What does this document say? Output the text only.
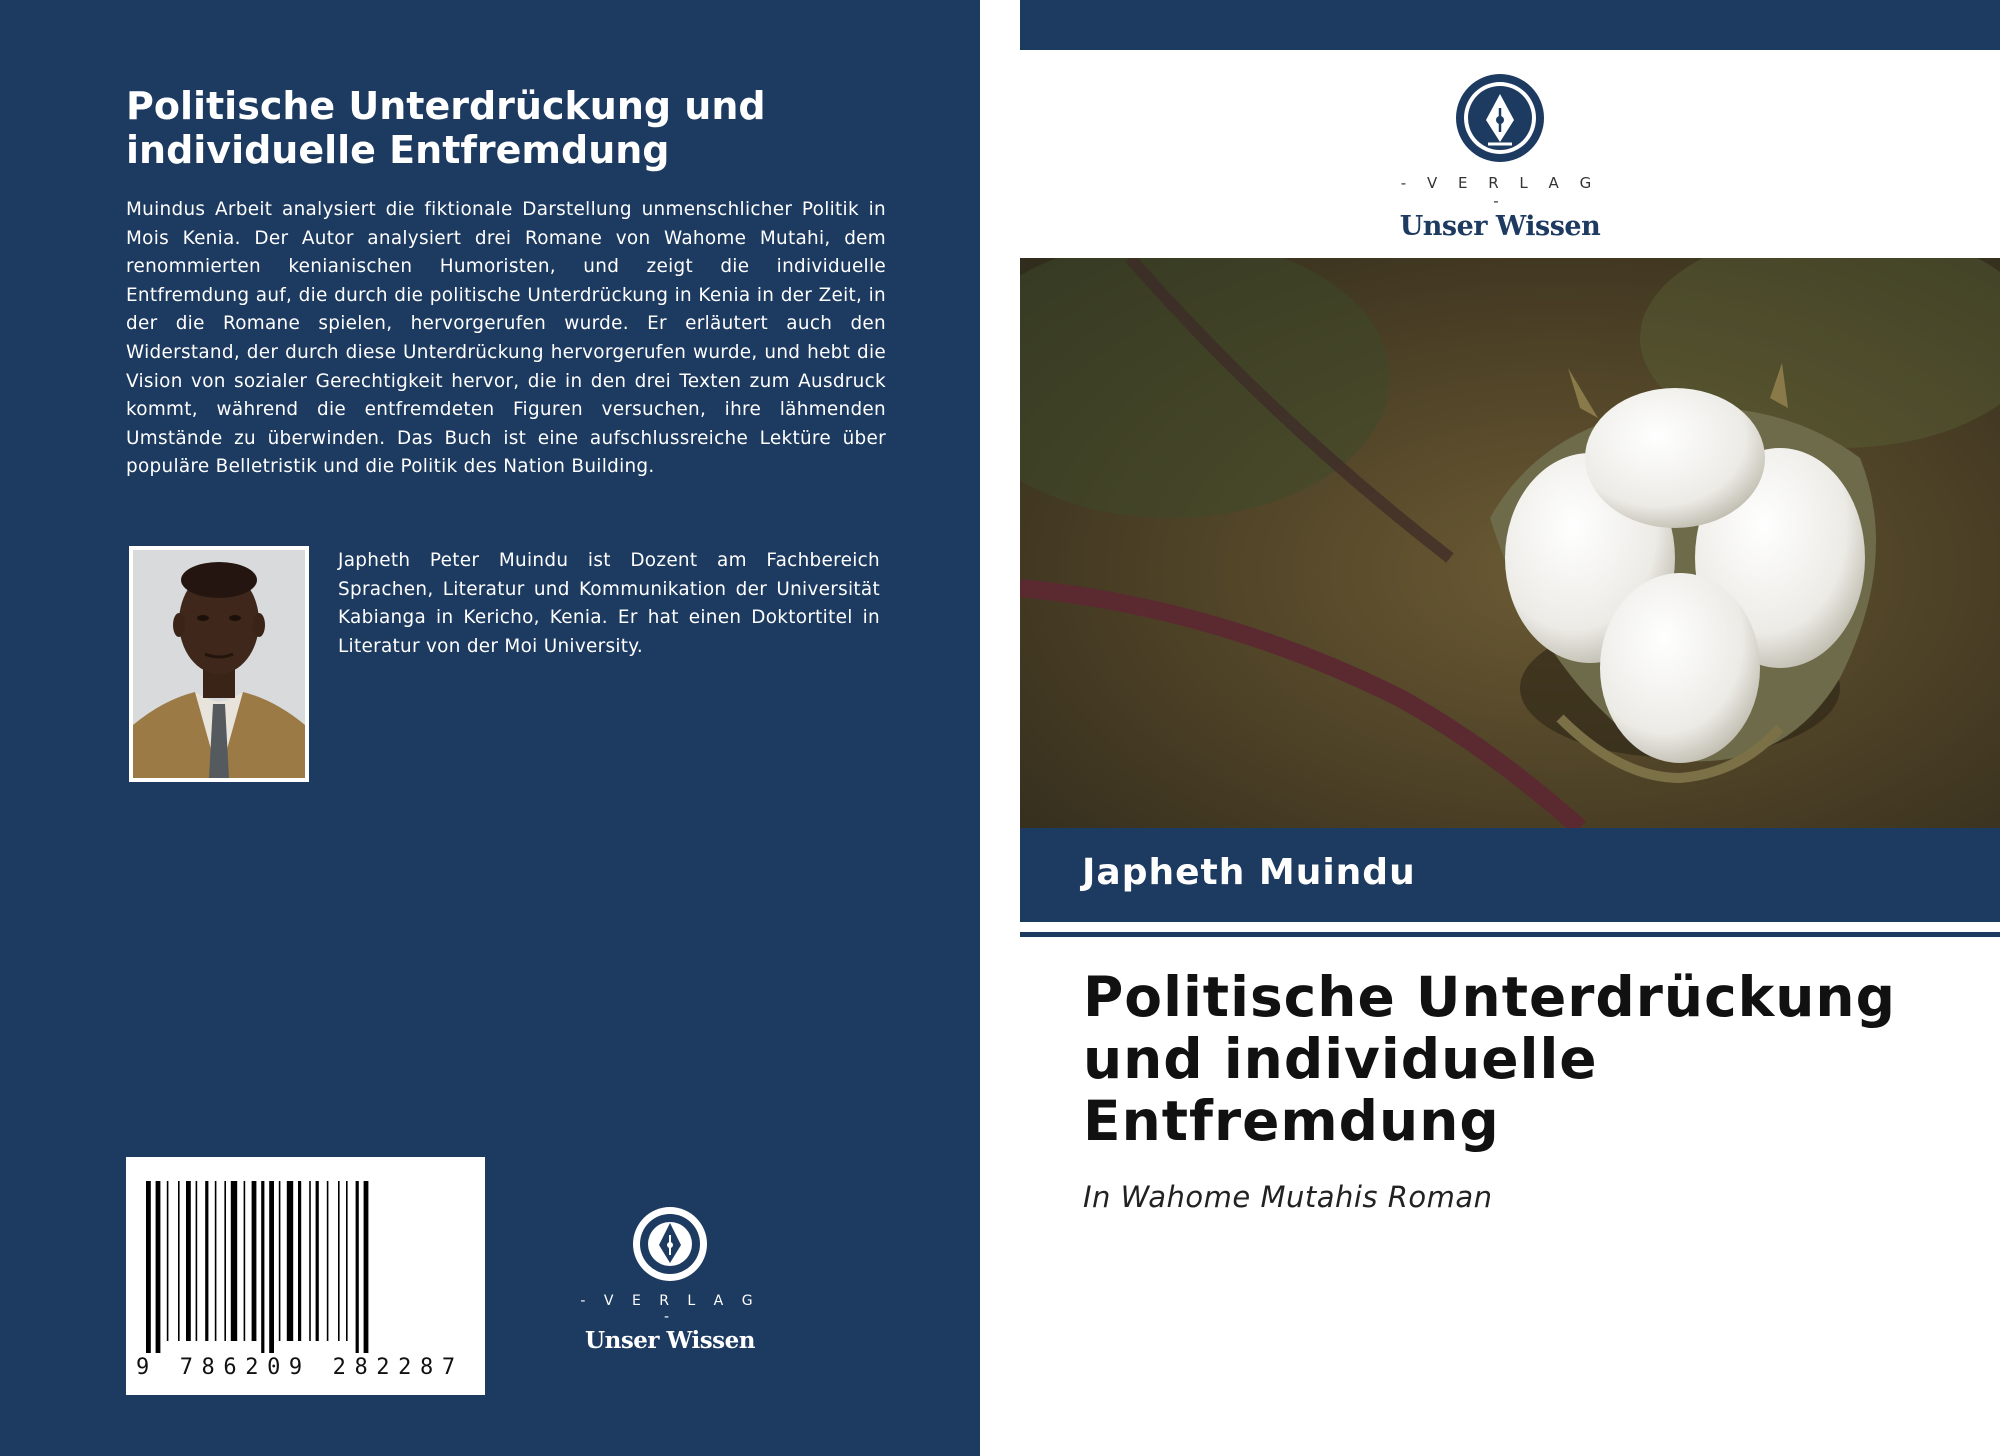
Politische Unterdrückung und individuelle Entfremdung

Muindus Arbeit analysiert die fiktionale Darstellung unmenschlicher Politik in Mois Kenia. Der Autor analysiert drei Romane von Wahome Mutahi, dem renommierten kenianischen Humoristen, und zeigt die individuelle Entfremdung auf, die durch die politische Unterdrückung in Kenia in der Zeit, in der die Romane spielen, hervorgerufen wurde. Er erläutert auch den Widerstand, der durch diese Unterdrückung hervorgerufen wurde, und hebt die Vision von sozialer Gerechtigkeit hervor, die in den drei Texten zum Ausdruck kommt, während die entfremdeten Figuren versuchen, ihre lähmenden Umstände zu überwinden. Das Buch ist eine aufschlussreiche Lektüre über populäre Belletristik und die Politik des Nation Building.

Japheth Peter Muindu ist Dozent am Fachbereich Sprachen, Literatur und Kommunikation der Universität Kabianga in Kericho, Kenia. Er hat einen Doktortitel in Literatur von der Moi University.

9 786209 282287
- V E R L A G -
Unser Wissen
- V E R L A G -
Unser Wissen
Japheth Muindu
Politische Unterdrückung und individuelle Entfremdung
In Wahome Mutahis Roman
